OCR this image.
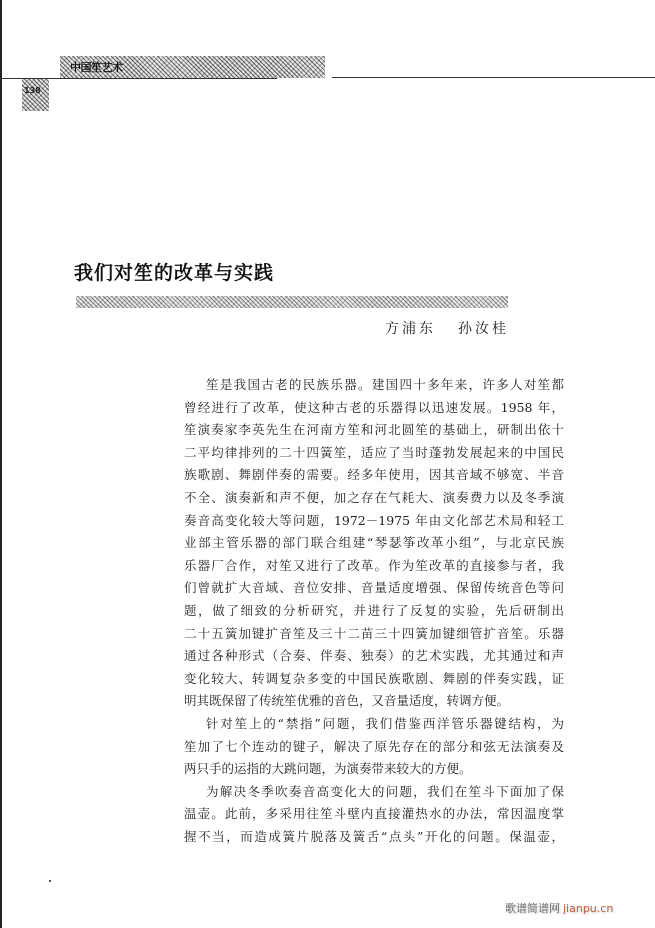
中国笙艺术
138
我们对笙的改革与实践
方浦东 孙汝桂
笙是我国古老的民族乐器。建国四十多年来，许多人对笙都
曾经进行了改革，使这种古老的乐器得以迅速发展。1958 年，
笙演奏家李英先生在河南方笙和河北圆笙的基础上，研制出依十
二平均律排列的二十四簧笙，适应了当时蓬勃发展起来的中国民
族歌剧、舞剧伴奏的需要。经多年使用，因其音域不够宽、半音
不全、演奏新和声不便，加之存在气耗大、演奏费力以及冬季演
奏音高变化较大等问题，1972－1975 年由文化部艺术局和轻工
业部主管乐器的部门联合组建“琴瑟筝改革小组”，与北京民族
乐器厂合作，对笙又进行了改革。作为笙改革的直接参与者，我
们曾就扩大音域、音位安排、音量适度增强、保留传统音色等问
题，做了细致的分析研究，并进行了反复的实验，先后研制出
二十五簧加键扩音笙及三十二苗三十四簧加键细管扩音笙。乐器
通过各种形式（合奏、伴奏、独奏）的艺术实践，尤其通过和声
变化较大、转调复杂多变的中国民族歌剧、舞剧的伴奏实践，证
明其既保留了传统笙优雅的音色，又音量适度，转调方便。
针对笙上的“禁指”问题，我们借鉴西洋管乐器键结构，为
笙加了七个连动的键子，解决了原先存在的部分和弦无法演奏及
两只手的运指的大跳问题，为演奏带来较大的方便。
为解决冬季吹奏音高变化大的问题，我们在笙斗下面加了保
温壶。此前，多采用往笙斗壁内直接灌热水的办法，常因温度掌
握不当，而造成簧片脱落及簧舌“点头”开化的问题。保温壶，
歌谱简谱网 jianpu.cn
